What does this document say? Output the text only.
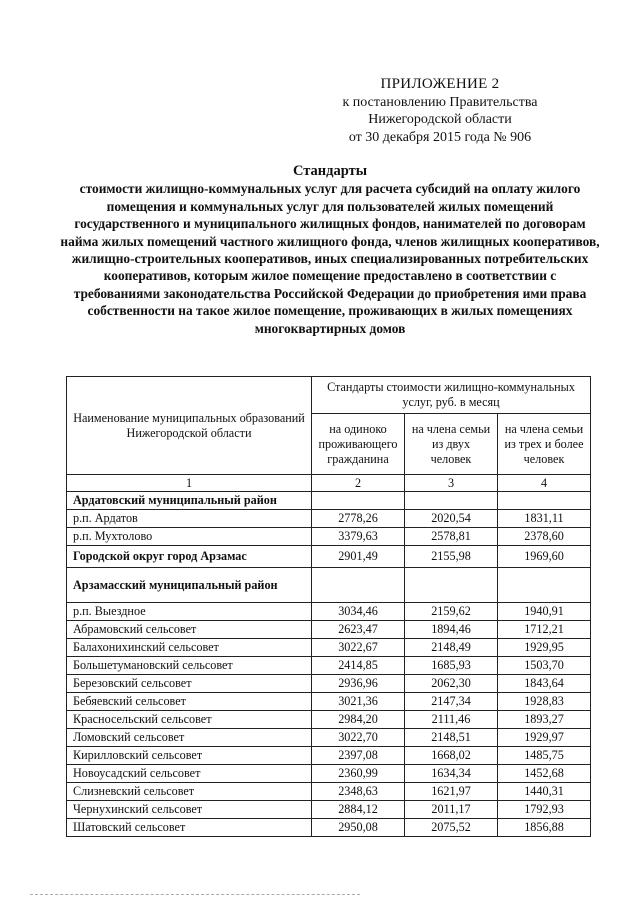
ПРИЛОЖЕНИЕ 2
к постановлению Правительства
Нижегородской области
от 30 декабря 2015 года № 906
Стандарты
стоимости жилищно-коммунальных услуг для расчета субсидий на оплату жилого помещения и коммунальных услуг для пользователей жилых помещений государственного и муниципального жилищных фондов, нанимателей по договорам найма жилых помещений частного жилищного фонда, членов жилищных кооперативов, жилищно-строительных кооперативов, иных специализированных потребительских кооперативов, которым жилое помещение предоставлено в соответствии с требованиями законодательства Российской Федерации до приобретения ими права собственности на такое жилое помещение, проживающих в жилых помещениях многоквартирных домов
Наименование муниципальных образований Нижегородской области	Стандарты стоимости жилищно-коммунальных услуг, руб. в месяц		
	на одиноко проживающего гражданина	на члена семьи из двух человек	на члена семьи из трех и более человек
1	2	3	4
Ардатовский муниципальный район			
р.п. Ардатов	2778,26	2020,54	1831,11
р.п. Мухтолово	3379,63	2578,81	2378,60
Городской округ город Арзамас	2901,49	2155,98	1969,60
Арзамасский муниципальный район			
р.п. Выездное	3034,46	2159,62	1940,91
Абрамовский сельсовет	2623,47	1894,46	1712,21
Балахонихинский сельсовет	3022,67	2148,49	1929,95
Большетумановский сельсовет	2414,85	1685,93	1503,70
Березовский сельсовет	2936,96	2062,30	1843,64
Бебяевский сельсовет	3021,36	2147,34	1928,83
Красносельский сельсовет	2984,20	2111,46	1893,27
Ломовский сельсовет	3022,70	2148,51	1929,97
Кирилловский сельсовет	2397,08	1668,02	1485,75
Новоусадский сельсовет	2360,99	1634,34	1452,68
Слизневский сельсовет	2348,63	1621,97	1440,31
Чернухинский сельсовет	2884,12	2011,17	1792,93
Шатовский сельсовет	2950,08	2075,52	1856,88
